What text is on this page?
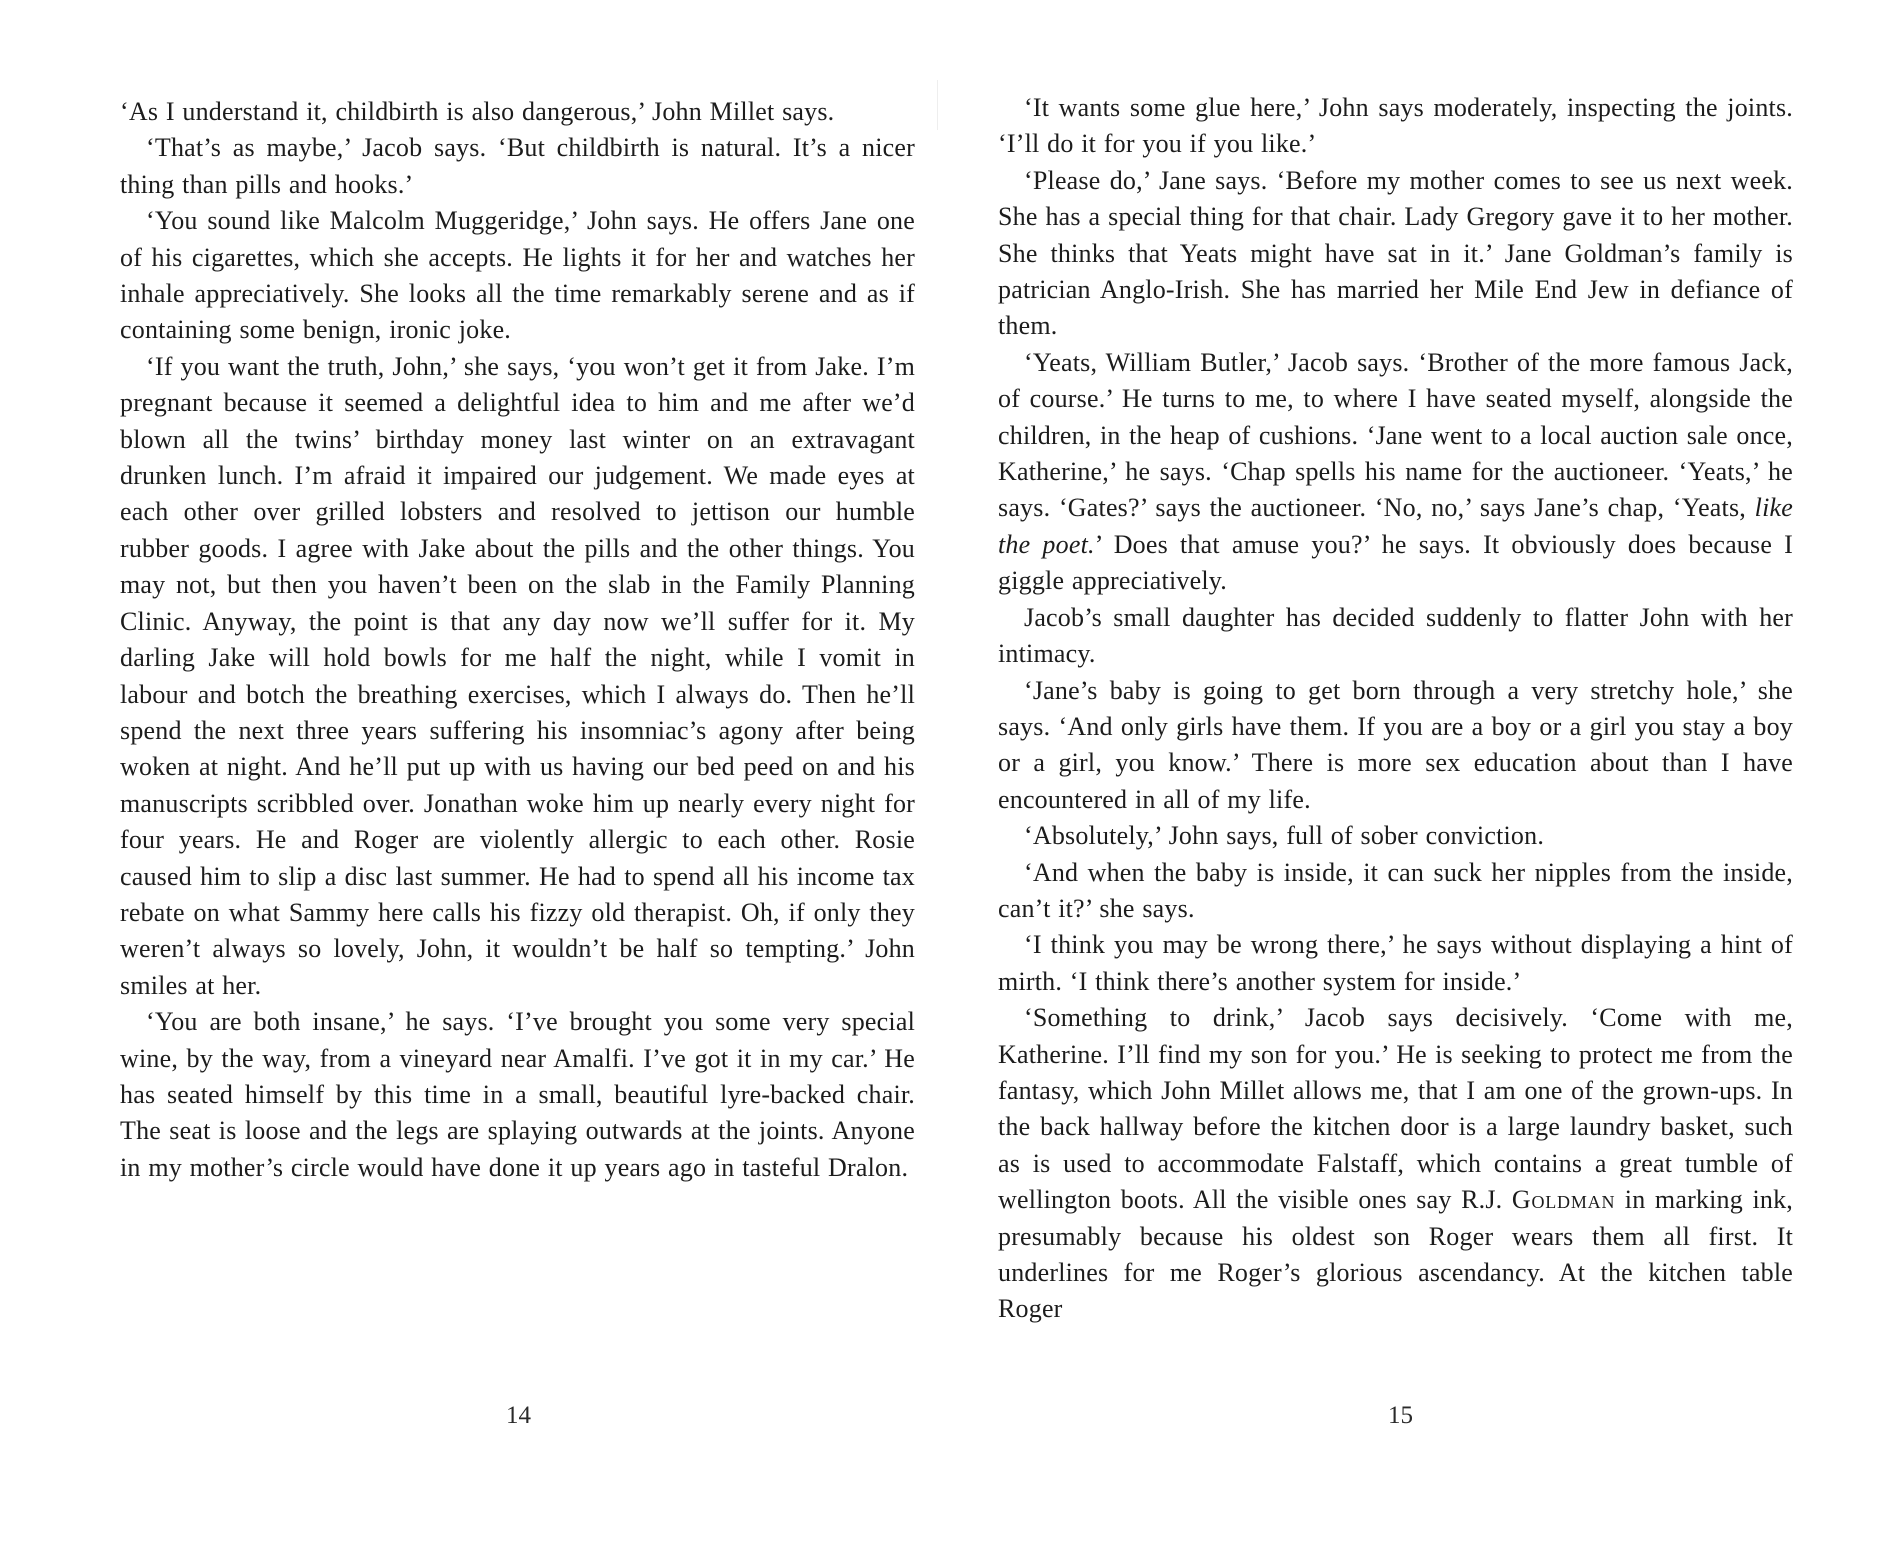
‘As I understand it, childbirth is also dangerous,’ John Millet says.

‘That’s as maybe,’ Jacob says. ‘But childbirth is natural. It’s a nicer thing than pills and hooks.’

‘You sound like Malcolm Muggeridge,’ John says. He offers Jane one of his cigarettes, which she accepts. He lights it for her and watches her inhale appreciatively. She looks all the time remarkably serene and as if containing some benign, ironic joke.

‘If you want the truth, John,’ she says, ‘you won’t get it from Jake. I’m pregnant because it seemed a delightful idea to him and me after we’d blown all the twins’ birthday money last winter on an extravagant drunken lunch. I’m afraid it impaired our judgement. We made eyes at each other over grilled lobsters and resolved to jettison our humble rubber goods. I agree with Jake about the pills and the other things. You may not, but then you haven’t been on the slab in the Family Planning Clinic. Anyway, the point is that any day now we’ll suffer for it. My darling Jake will hold bowls for me half the night, while I vomit in labour and botch the breathing exercises, which I always do. Then he’ll spend the next three years suffering his insomniac’s agony after being woken at night. And he’ll put up with us having our bed peed on and his manuscripts scribbled over. Jonathan woke him up nearly every night for four years. He and Roger are violently allergic to each other. Rosie caused him to slip a disc last summer. He had to spend all his income tax rebate on what Sammy here calls his fizzy old therapist. Oh, if only they weren’t always so lovely, John, it wouldn’t be half so tempting.’ John smiles at her.

‘You are both insane,’ he says. ‘I’ve brought you some very special wine, by the way, from a vineyard near Amalfi. I’ve got it in my car.’ He has seated himself by this time in a small, beautiful lyre-backed chair. The seat is loose and the legs are splaying outwards at the joints. Anyone in my mother’s circle would have done it up years ago in tasteful Dralon.

‘It wants some glue here,’ John says moderately, inspecting the joints. ‘I’ll do it for you if you like.’

‘Please do,’ Jane says. ‘Before my mother comes to see us next week. She has a special thing for that chair. Lady Gregory gave it to her mother. She thinks that Yeats might have sat in it.’ Jane Goldman’s family is patrician Anglo-Irish. She has married her Mile End Jew in defiance of them.

‘Yeats, William Butler,’ Jacob says. ‘Brother of the more famous Jack, of course.’ He turns to me, to where I have seated myself, alongside the children, in the heap of cushions. ‘Jane went to a local auction sale once, Katherine,’ he says. ‘Chap spells his name for the auctioneer. ‘Yeats,’ he says. ‘Gates?’ says the auctioneer. ‘No, no,’ says Jane’s chap, ‘Yeats, like the poet.’ Does that amuse you?’ he says. It obviously does because I giggle appreciatively.

Jacob’s small daughter has decided suddenly to flatter John with her intimacy.

‘Jane’s baby is going to get born through a very stretchy hole,’ she says. ‘And only girls have them. If you are a boy or a girl you stay a boy or a girl, you know.’ There is more sex education about than I have encountered in all of my life.

‘Absolutely,’ John says, full of sober conviction.

‘And when the baby is inside, it can suck her nipples from the inside, can’t it?’ she says.

‘I think you may be wrong there,’ he says without displaying a hint of mirth. ‘I think there’s another system for inside.’

‘Something to drink,’ Jacob says decisively. ‘Come with me, Katherine. I’ll find my son for you.’ He is seeking to protect me from the fantasy, which John Millet allows me, that I am one of the grown-ups. In the back hallway before the kitchen door is a large laundry basket, such as is used to accommodate Falstaff, which contains a great tumble of wellington boots. All the visible ones say R.J. Goldman in marking ink, presumably because his oldest son Roger wears them all first. It underlines for me Roger’s glorious ascendancy. At the kitchen table Roger

14	15
